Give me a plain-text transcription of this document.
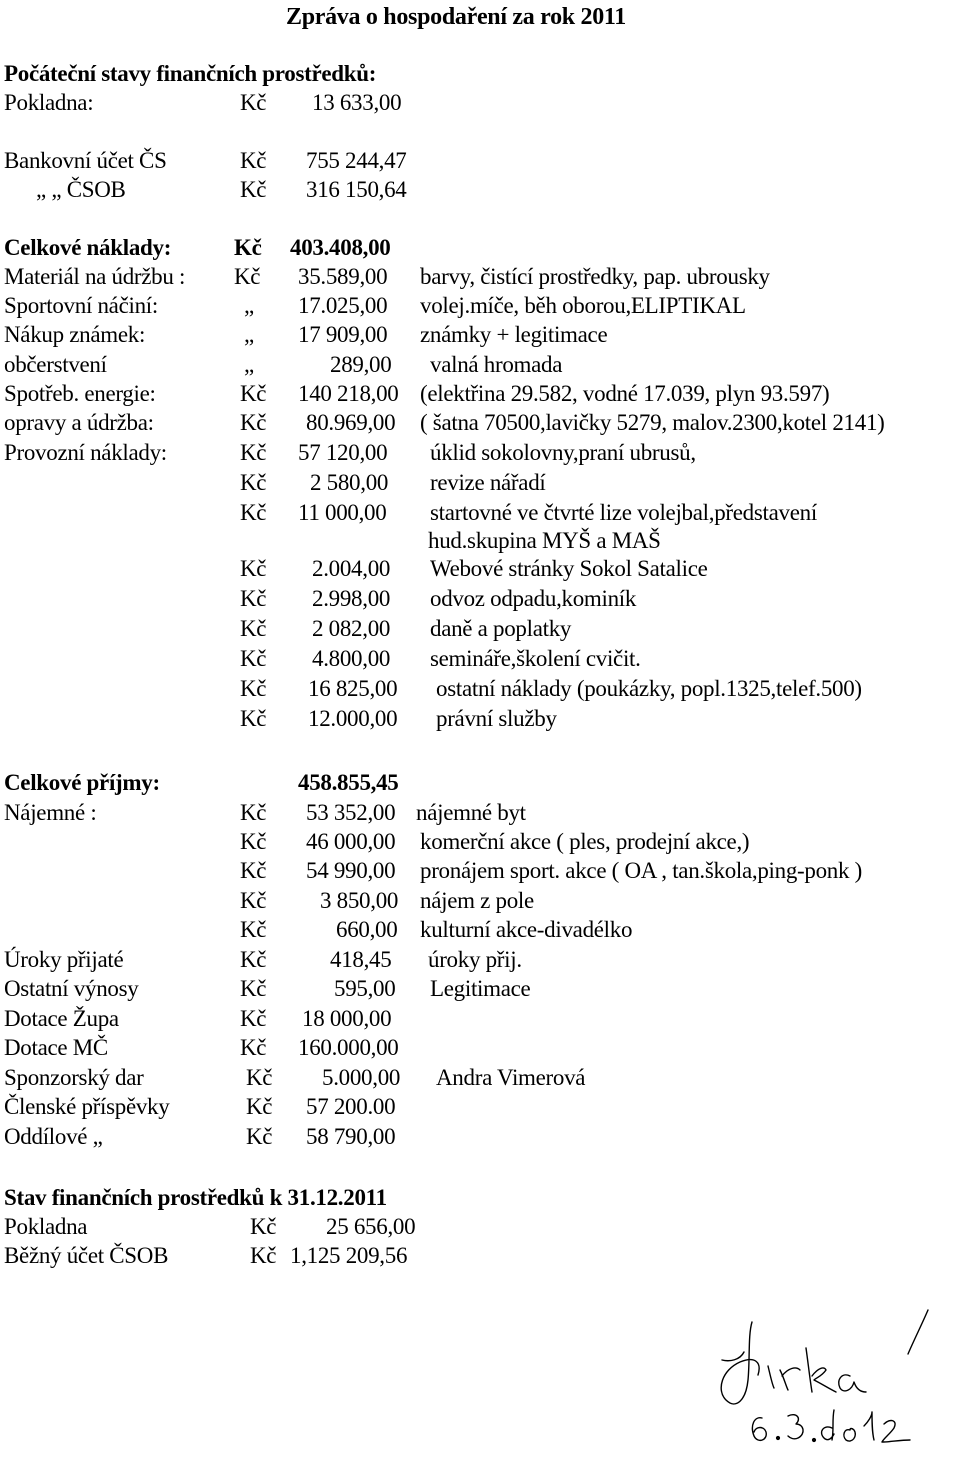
Zpráva o hospodaření za rok 2011
Počáteční stavy finančních prostředků:
Pokladna:	Kč 13 633,00
Bankovní účet ČS	Kč 755 244,47
„ „ ČSOB	Kč 316 150,64
Celkové náklady:	Kč 403.408,00
Materiál na údržbu : Kč 35.589,00 barvy, čistící prostředky, pap. ubrousky
Sportovní náčiní:	„ 17.025,00 volej.míče, běh oborou,ELIPTIKAL
Nákup známek:	„ 17 909,00 známky + legitimace
občerstvení	„	289,00 valná hromada
Spotřeb. energie:	Kč 140 218,00 (elektřina 29.582, vodné 17.039, plyn 93.597)
opravy a údržba:	Kč 80.969,00 ( šatna 70500,lavičky 5279, malov.2300,kotel 2141)
Provozní náklady:	Kč 57 120,00 úklid sokolovny,praní ubrusů,
Kč 2 580,00 revize nářadí
Kč 11 000,00 startovné ve čtvrté lize volejbal,představení
hud.skupina MYŠ a MAŠ
Kč 2.004,00 Webové stránky Sokol Satalice
Kč 2.998,00 odvoz odpadu,kominík
Kč 2 082,00 daně a poplatky
Kč 4.800,00 semináře,školení cvičit.
Kč 16 825,00 ostatní náklady (poukázky, popl.1325,telef.500)
Kč 12.000,00 právní služby
Celkové příjmy:	458.855,45
Nájemné :	Kč 53 352,00 nájemné byt
Kč 46 000,00 komerční akce ( ples, prodejní akce,)
Kč 54 990,00 pronájem sport. akce ( OA , tan.škola,ping-ponk )
Kč 3 850,00 nájem z pole
Kč	660,00 kulturní akce-divadélko
Úroky přijaté	Kč	418,45 úroky přij.
Ostatní výnosy	Kč	595,00 Legitimace
Dotace Župa	Kč 18 000,00
Dotace MČ	Kč 160.000,00
Sponzorský dar	Kč 5.000,00 Andra Vimerová
Členské příspěvky	Kč 57 200.00
Oddílové „	Kč 58 790,00
Stav finančních prostředků k 31.12.2011
Pokladna	Kč 25 656,00
Běžný účet ČSOB	Kč 1,125 209,56
